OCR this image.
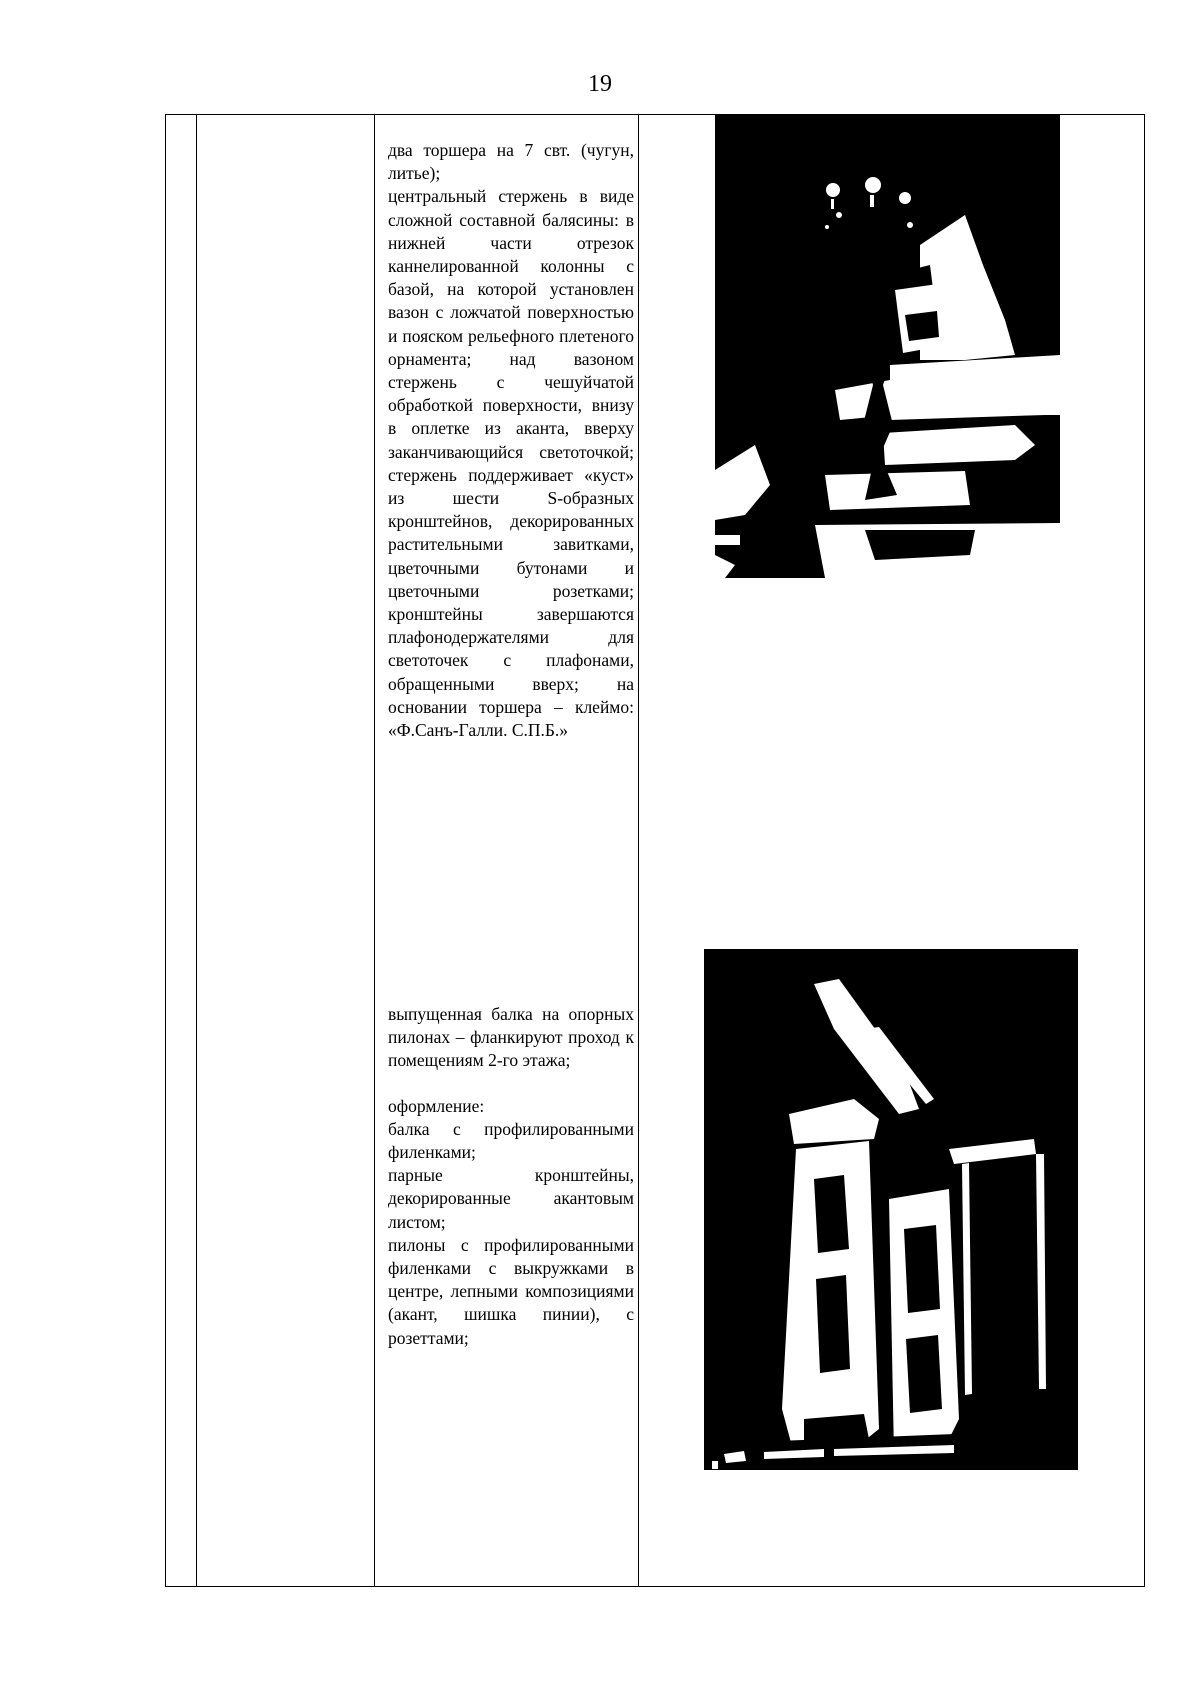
19

два торшера на 7 свт. (чугун, литье);

центральный стержень в виде сложной составной балясины: в нижней части отрезок каннелированной колонны с базой, на которой установлен вазон с ложчатой поверхностью и пояском рельефного плетеного орнамента; над вазоном стержень с чешуйчатой обработкой поверхности, внизу в оплетке из аканта, вверху заканчивающийся светоточкой; стержень поддерживает «куст» из шести S-образных кронштейнов, декорированных растительными завитками, цветочными бутонами и цветочными розетками; кронштейны завершаются плафонодержателями для светоточек с плафонами, обращенными вверх; на основании торшера – клеймо: «Ф.Санъ-Галли. С.П.Б.»

выпущенная балка на опорных пилонах – фланкируют проход к помещениям 2-го этажа;

оформление:

балка с профилированными филенками;

парные кронштейны, декорированные акантовым листом;

пилоны с профилированными филенками с выкружками в центре, лепными композициями (акант, шишка пинии), с розеттами;
